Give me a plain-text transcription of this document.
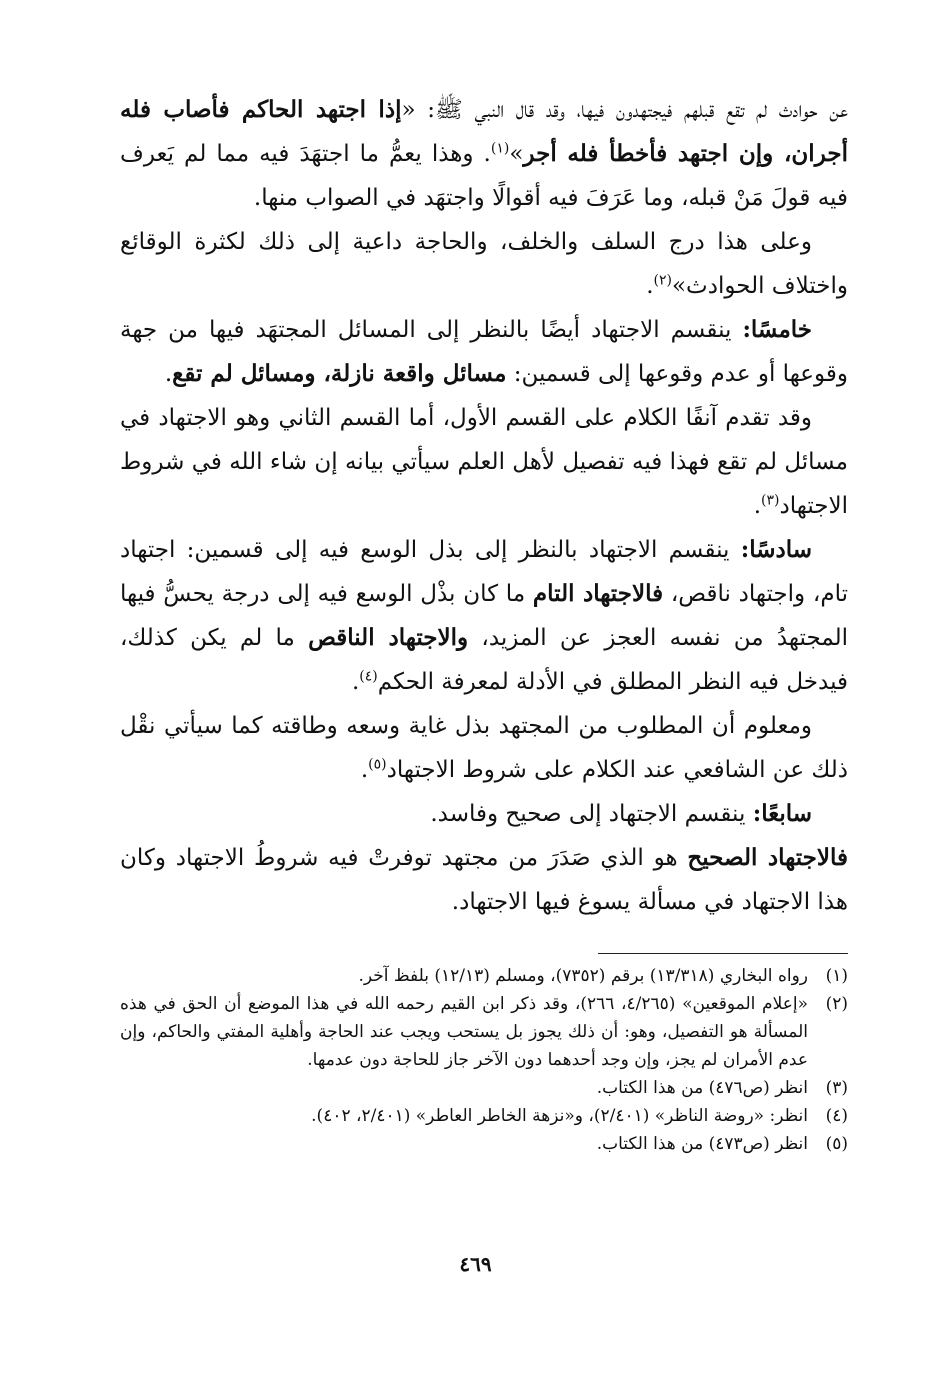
عن حوادث لم تقع قبلهم فيجتهدون فيها، وقد قال النبي ﷺ: «إذا اجتهد الحاكم فأصاب فله أجران، وإن اجتهد فأخطأ فله أجر»$^{(١)}$. وهذا يعمُّ ما اجتهَدَ فيه مما لم يَعرف فيه قولَ مَنْ قبله، وما عَرَفَ فيه أقوالًا واجتهَد في الصواب منها.

وعلى هذا درج السلف والخلف، والحاجة داعية إلى ذلك لكثرة الوقائع واختلاف الحوادث»$^{(٢)}$.

خامسًا: ينقسم الاجتهاد أيضًا بالنظر إلى المسائل المجتهَد فيها من جهة وقوعها أو عدم وقوعها إلى قسمين: مسائل واقعة نازلة، ومسائل لم تقع.

وقد تقدم آنفًا الكلام على القسم الأول، أما القسم الثاني وهو الاجتهاد في مسائل لم تقع فهذا فيه تفصيل لأهل العلم سيأتي بيانه إن شاء الله في شروط الاجتهاد$^{(٣)}$.

سادسًا: ينقسم الاجتهاد بالنظر إلى بذل الوسع فيه إلى قسمين: اجتهاد تام، واجتهاد ناقص، فالاجتهاد التام ما كان بذْل الوسع فيه إلى درجة يحسُّ فيها المجتهدُ من نفسه العجز عن المزيد، والاجتهاد الناقص ما لم يكن كذلك، فيدخل فيه النظر المطلق في الأدلة لمعرفة الحكم$^{(٤)}$.

ومعلوم أن المطلوب من المجتهد بذل غاية وسعه وطاقته كما سيأتي نقْل ذلك عن الشافعي عند الكلام على شروط الاجتهاد$^{(٥)}$.

سابعًا: ينقسم الاجتهاد إلى صحيح وفاسد.

فالاجتهاد الصحيح هو الذي صَدَرَ من مجتهد توفرتْ فيه شروطُ الاجتهاد وكان هذا الاجتهاد في مسألة يسوغ فيها الاجتهاد.

(١)
رواه البخاري (١٣/٣١٨) برقم (٧٣٥٢)، ومسلم (١٢/١٣) بلفظ آخر.
(٢)
«إعلام الموقعين» (٤/٢٦٥، ٢٦٦)، وقد ذكر ابن القيم رحمه الله في هذا الموضع أن الحق في هذه المسألة هو التفصيل، وهو: أن ذلك يجوز بل يستحب ويجب عند الحاجة وأهلية المفتي والحاكم، وإن عدم الأمران لم يجز، وإن وجد أحدهما دون الآخر جاز للحاجة دون عدمها.
(٣)
انظر (ص٤٧٦) من هذا الكتاب.
(٤)
انظر: «روضة الناظر» (٢/٤٠١)، و«نزهة الخاطر العاطر» (٢/٤٠١، ٤٠٢).
(٥)
انظر (ص٤٧٣) من هذا الكتاب.
٤٦٩
